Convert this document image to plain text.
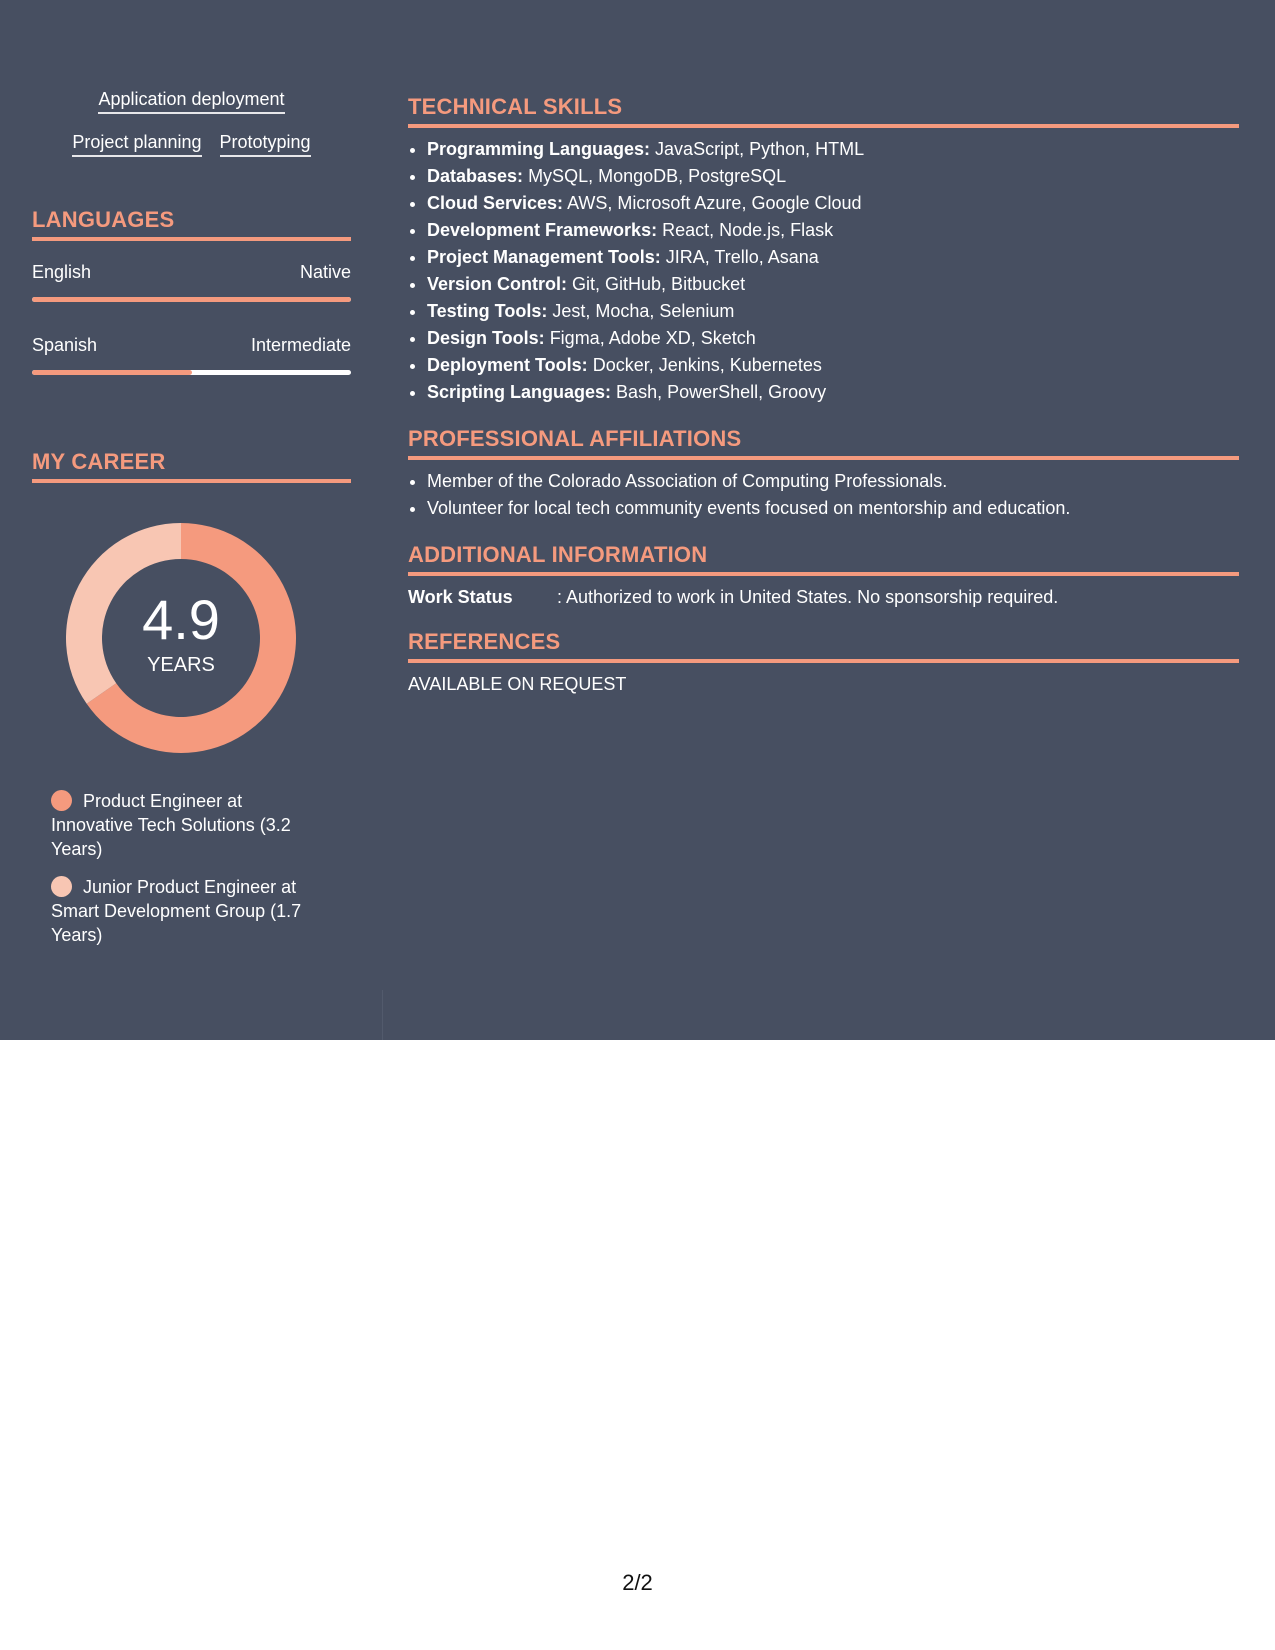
Application deployment
Project planning Prototyping
LANGUAGES
English	Native
Spanish	Intermediate
MY CAREER
4.9
YEARS
Product Engineer at Innovative Tech Solutions (3.2 Years)
Junior Product Engineer at Smart Development Group (1.7 Years)
TECHNICAL SKILLS
• Programming Languages: JavaScript, Python, HTML
• Databases: MySQL, MongoDB, PostgreSQL
• Cloud Services: AWS, Microsoft Azure, Google Cloud
• Development Frameworks: React, Node.js, Flask
• Project Management Tools: JIRA, Trello, Asana
• Version Control: Git, GitHub, Bitbucket
• Testing Tools: Jest, Mocha, Selenium
• Design Tools: Figma, Adobe XD, Sketch
• Deployment Tools: Docker, Jenkins, Kubernetes
• Scripting Languages: Bash, PowerShell, Groovy
PROFESSIONAL AFFILIATIONS
• Member of the Colorado Association of Computing Professionals.
• Volunteer for local tech community events focused on mentorship and education.
ADDITIONAL INFORMATION
Work Status	: Authorized to work in United States. No sponsorship required.
REFERENCES
AVAILABLE ON REQUEST
2/2
